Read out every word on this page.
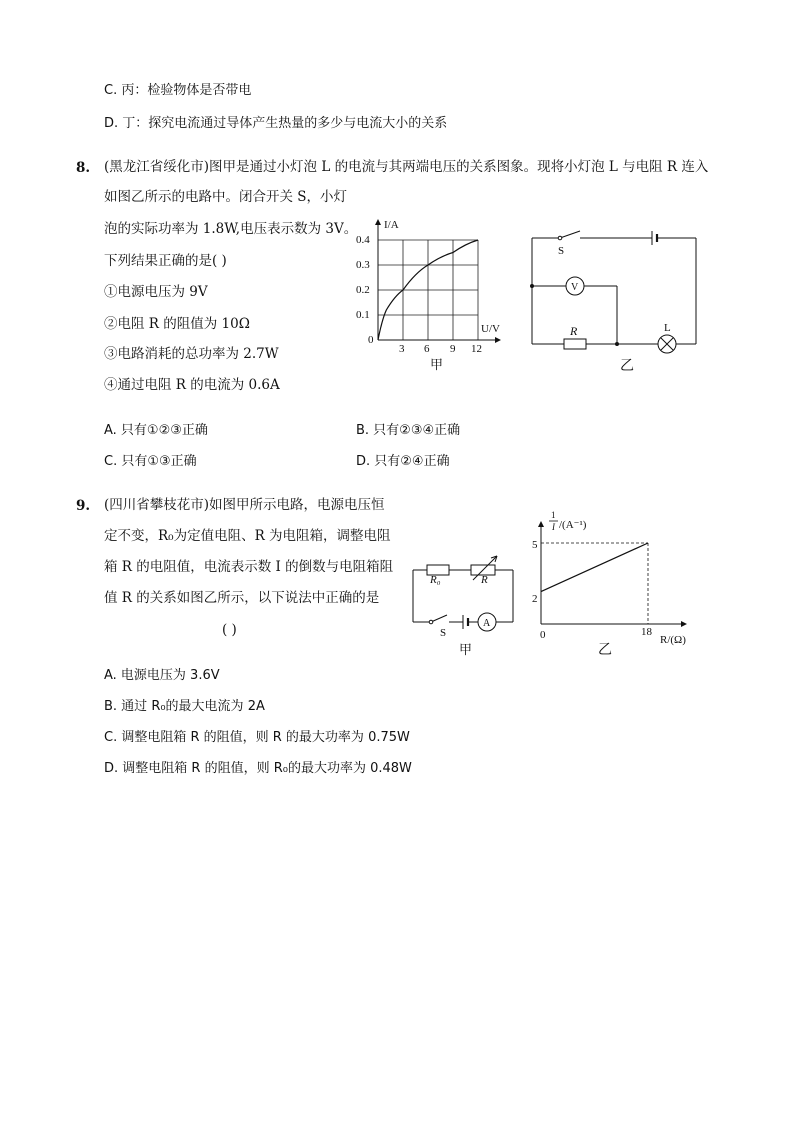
C. 丙：检验物体是否带电
D. 丁：探究电流通过导体产生热量的多少与电流大小的关系
8. (黑龙江省绥化市)图甲是通过小灯泡 L 的电流与其两端电压的关系图象。现将小灯泡 L 与电阻 R 连入
如图乙所示的电路中。闭合开关 S，小灯
泡的实际功率为 1.8W,电压表示数为 3V。
下列结果正确的是( )
①电源电压为 9V
②电阻 R 的阻值为 10Ω
③电路消耗的总功率为 2.7W
④通过电阻 R 的电流为 0.6A
I/A
U/V
0.4
0.3
0.2
0.1
0
3 6 9 12
甲
S
V
R	L
乙
A. 只有①②③正确	B. 只有②③④正确
C. 只有①③正确	D. 只有②④正确
9. (四川省攀枝花市)如图甲所示电路，电源电压恒
定不变，R₀为定值电阻、R 为电阻箱，调整电阻
箱 R 的电阻值，电流表示数 I 的倒数与电阻箱阻
值 R 的关系如图乙所示，以下说法中正确的是
( )
R₀	R
S
A
甲
1
I /(A⁻¹)
5
2
0	18
R/(Ω)
乙
A. 电源电压为 3.6V
B. 通过 R₀的最大电流为 2A
C. 调整电阻箱 R 的阻值，则 R 的最大功率为 0.75W
D. 调整电阻箱 R 的阻值，则 R₀的最大功率为 0.48W
